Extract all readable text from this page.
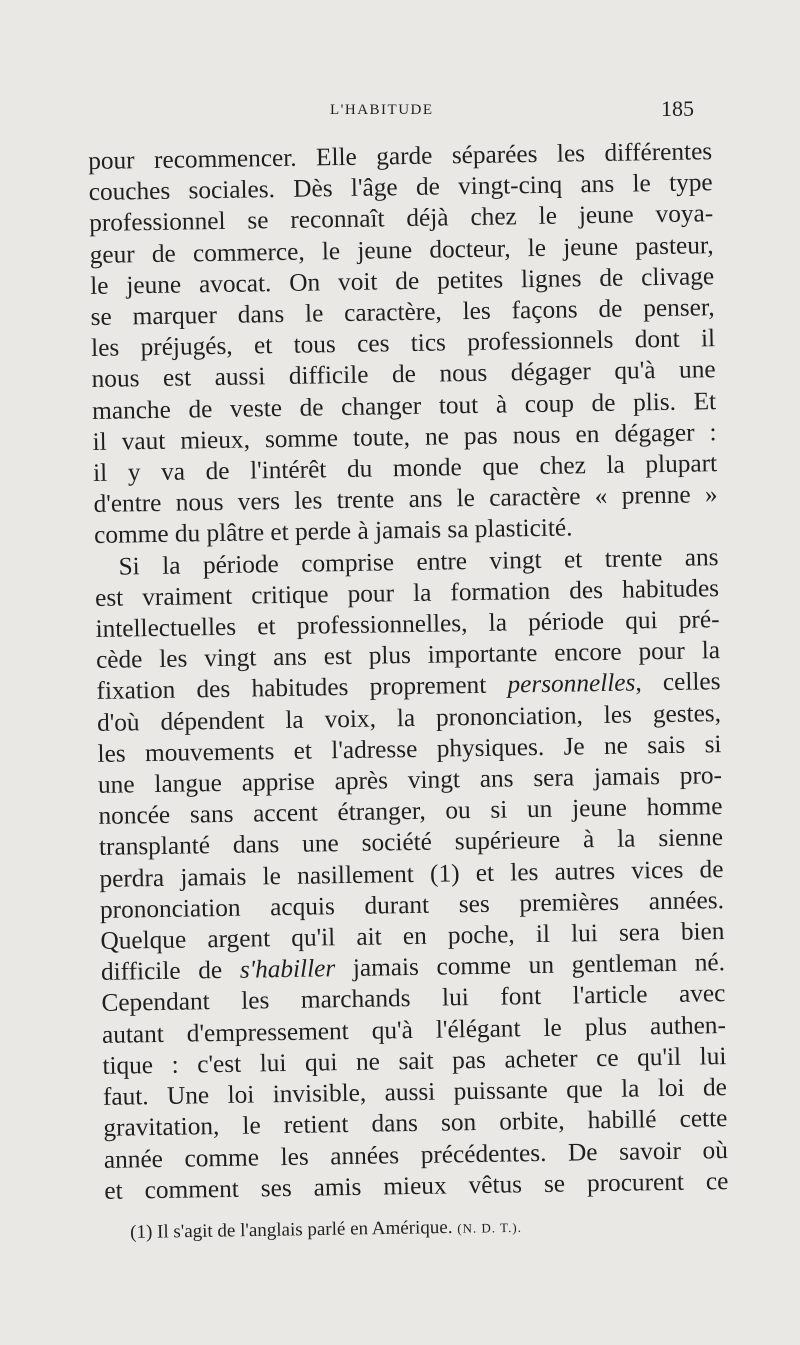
L'HABITUDE	185
pour recommencer. Elle garde séparées les différentes
couches sociales. Dès l'âge de vingt-cinq ans le type
professionnel se reconnaît déjà chez le jeune voya-
geur de commerce, le jeune docteur, le jeune pasteur,
le jeune avocat. On voit de petites lignes de clivage
se marquer dans le caractère, les façons de penser,
les préjugés, et tous ces tics professionnels dont il
nous est aussi difficile de nous dégager qu'à une
manche de veste de changer tout à coup de plis. Et
il vaut mieux, somme toute, ne pas nous en dégager :
il y va de l'intérêt du monde que chez la plupart
d'entre nous vers les trente ans le caractère « prenne »
comme du plâtre et perde à jamais sa plasticité.
Si la période comprise entre vingt et trente ans
est vraiment critique pour la formation des habitudes
intellectuelles et professionnelles, la période qui pré-
cède les vingt ans est plus importante encore pour la
fixation des habitudes proprement personnelles, celles
d'où dépendent la voix, la prononciation, les gestes,
les mouvements et l'adresse physiques. Je ne sais si
une langue apprise après vingt ans sera jamais pro-
noncée sans accent étranger, ou si un jeune homme
transplanté dans une société supérieure à la sienne
perdra jamais le nasillement (1) et les autres vices de
prononciation acquis durant ses premières années.
Quelque argent qu'il ait en poche, il lui sera bien
difficile de s'habiller jamais comme un gentleman né.
Cependant les marchands lui font l'article avec
autant d'empressement qu'à l'élégant le plus authen-
tique : c'est lui qui ne sait pas acheter ce qu'il lui
faut. Une loi invisible, aussi puissante que la loi de
gravitation, le retient dans son orbite, habillé cette
année comme les années précédentes. De savoir où
et comment ses amis mieux vêtus se procurent ce
(1) Il s'agit de l'anglais parlé en Amérique. (N. D. T.).
